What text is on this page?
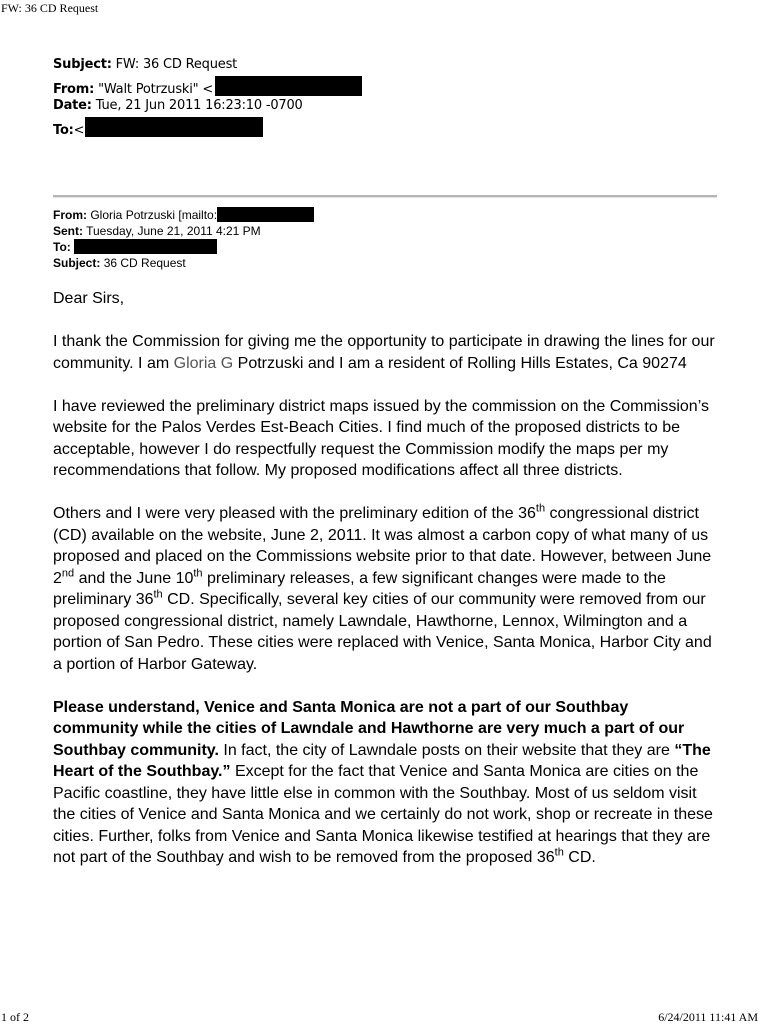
FW: 36 CD Request
Subject: FW: 36 CD Request
From: "Walt Potrzuski" <
Date: Tue, 21 Jun 2011 16:23:10 -0700
To:<
From: Gloria Potrzuski [mailto:
Sent: Tuesday, June 21, 2011 4:21 PM
To:
Subject: 36 CD Request

Dear Sirs,

I thank the Commission for giving me the opportunity to participate in drawing the lines for our community. I am Gloria G Potrzuski and I am a resident of Rolling Hills Estates, Ca 90274

I have reviewed the preliminary district maps issued by the commission on the Commission’s website for the Palos Verdes Est-Beach Cities. I find much of the proposed districts to be acceptable, however I do respectfully request the Commission modify the maps per my recommendations that follow. My proposed modifications affect all three districts.

Others and I were very pleased with the preliminary edition of the 36th congressional district (CD) available on the website, June 2, 2011. It was almost a carbon copy of what many of us proposed and placed on the Commissions website prior to that date. However, between June 2nd and the June 10th preliminary releases, a few significant changes were made to the preliminary 36th CD. Specifically, several key cities of our community were removed from our proposed congressional district, namely Lawndale, Hawthorne, Lennox, Wilmington and a portion of San Pedro. These cities were replaced with Venice, Santa Monica, Harbor City and a portion of Harbor Gateway.

Please understand, Venice and Santa Monica are not a part of our Southbay community while the cities of Lawndale and Hawthorne are very much a part of our Southbay community. In fact, the city of Lawndale posts on their website that they are “The Heart of the Southbay.” Except for the fact that Venice and Santa Monica are cities on the Pacific coastline, they have little else in common with the Southbay. Most of us seldom visit the cities of Venice and Santa Monica and we certainly do not work, shop or recreate in these cities. Further, folks from Venice and Santa Monica likewise testified at hearings that they are not part of the Southbay and wish to be removed from the proposed 36th CD.

1 of 2	6/24/2011 11:41 AM
